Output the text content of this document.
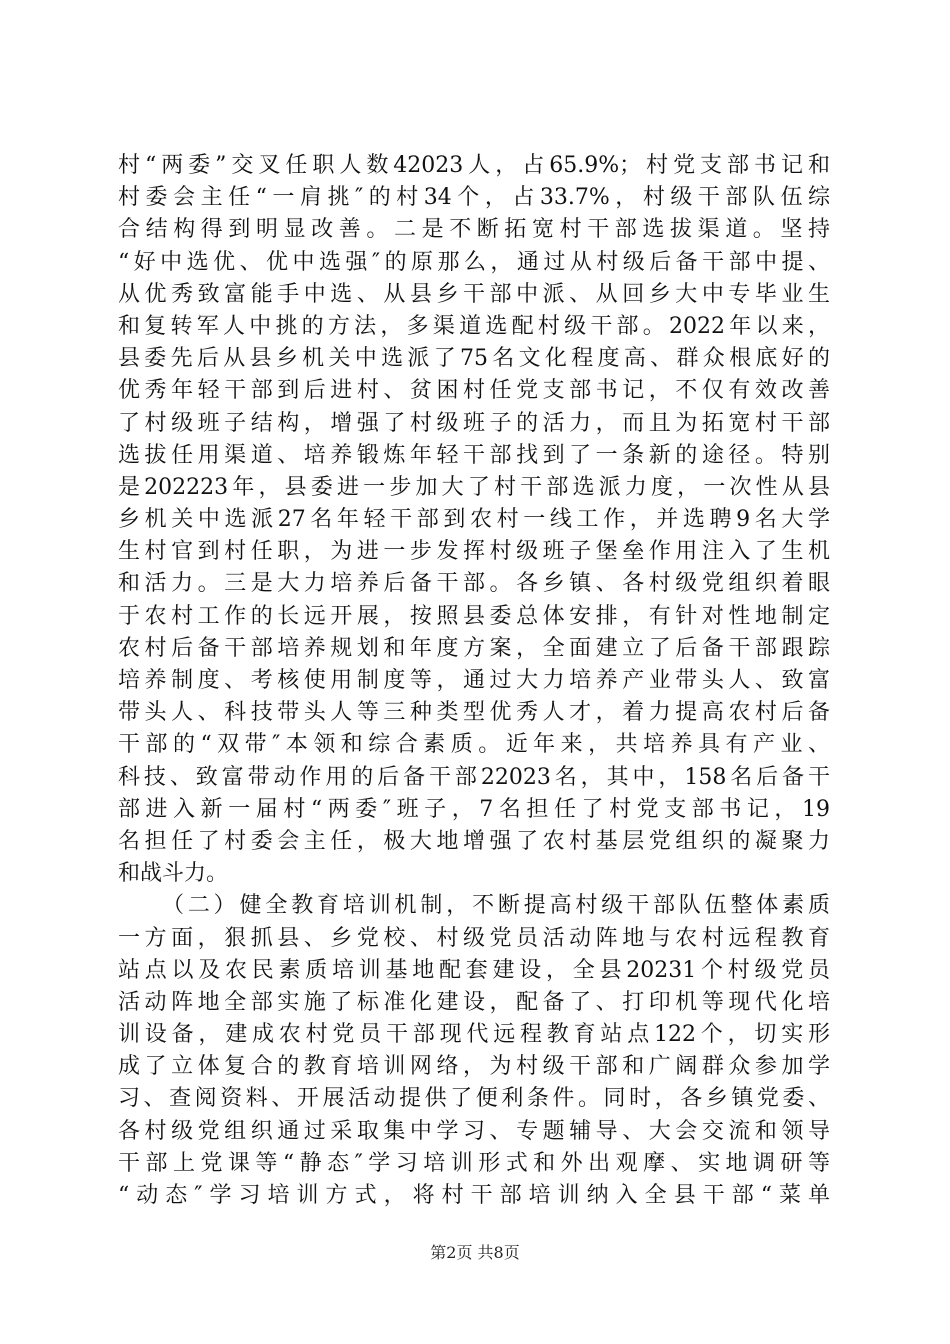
村“两委”交叉任职人数42023人，占65.9%；村党支部书记和
村委会主任“一肩挑″的村34个，占33.7%，村级干部队伍综
合结构得到明显改善。二是不断拓宽村干部选拔渠道。坚持
“好中选优、优中选强″的原那么，通过从村级后备干部中提、
从优秀致富能手中选、从县乡干部中派、从回乡大中专毕业生
和复转军人中挑的方法，多渠道选配村级干部。2022年以来，
县委先后从县乡机关中选派了75名文化程度高、群众根底好的
优秀年轻干部到后进村、贫困村任党支部书记，不仅有效改善
了村级班子结构，增强了村级班子的活力，而且为拓宽村干部
选拔任用渠道、培养锻炼年轻干部找到了一条新的途径。特别
是202223年，县委进一步加大了村干部选派力度，一次性从县
乡机关中选派27名年轻干部到农村一线工作，并选聘9名大学
生村官到村任职，为进一步发挥村级班子堡垒作用注入了生机
和活力。三是大力培养后备干部。各乡镇、各村级党组织着眼
于农村工作的长远开展，按照县委总体安排，有针对性地制定
农村后备干部培养规划和年度方案，全面建立了后备干部跟踪
培养制度、考核使用制度等，通过大力培养产业带头人、致富
带头人、科技带头人等三种类型优秀人才，着力提高农村后备
干部的“双带″本领和综合素质。近年来，共培养具有产业、
科技、致富带动作用的后备干部22023名，其中，158名后备干
部进入新一届村“两委″班子，7名担任了村党支部书记，19
名担任了村委会主任，极大地增强了农村基层党组织的凝聚力
和战斗力。
（二）健全教育培训机制，不断提高村级干部队伍整体素质
一方面，狠抓县、乡党校、村级党员活动阵地与农村远程教育
站点以及农民素质培训基地配套建设，全县20231个村级党员
活动阵地全部实施了标准化建设，配备了、打印机等现代化培
训设备，建成农村党员干部现代远程教育站点122个，切实形
成了立体复合的教育培训网络，为村级干部和广阔群众参加学
习、查阅资料、开展活动提供了便利条件。同时，各乡镇党委、
各村级党组织通过采取集中学习、专题辅导、大会交流和领导
干部上党课等“静态″学习培训形式和外出观摩、实地调研等
“动态″学习培训方式，将村干部培训纳入全县干部“菜单
第2页 共8页
